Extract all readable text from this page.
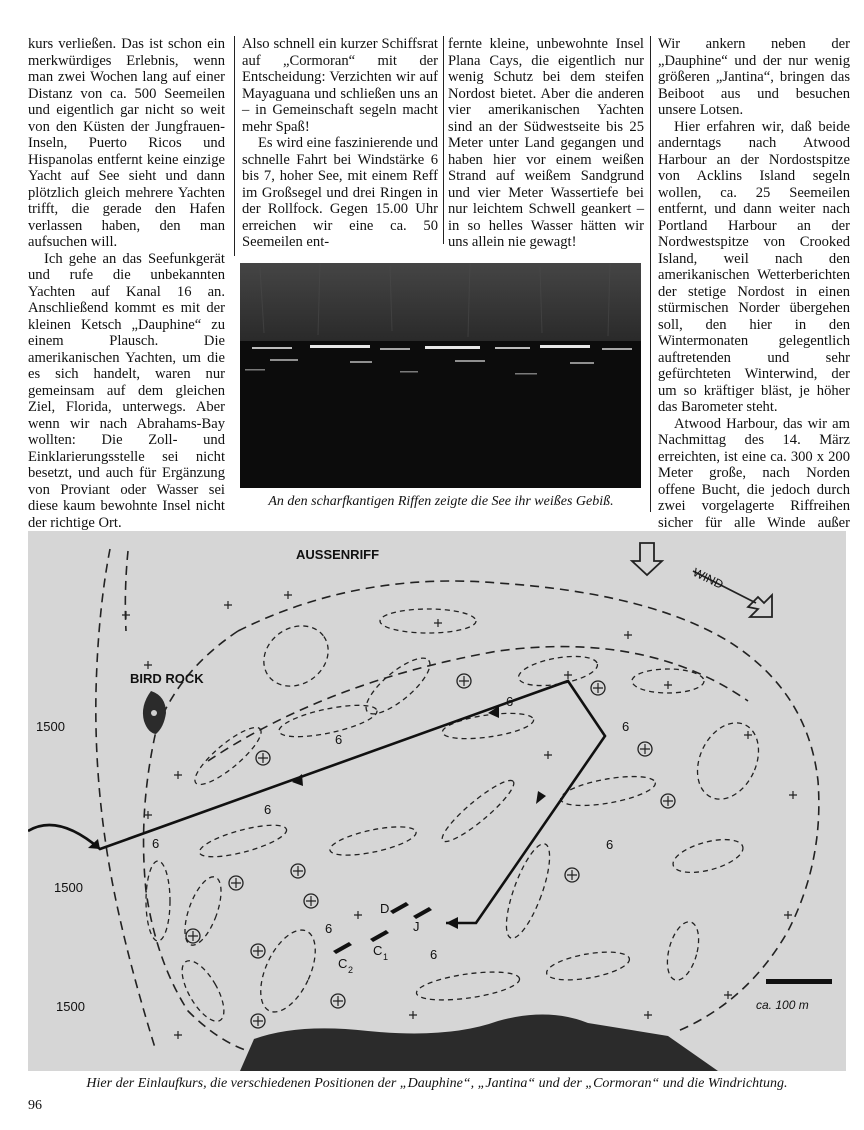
kurs verließen. Das ist schon ein merkwürdiges Erlebnis, wenn man zwei Wochen lang auf einer Distanz von ca. 500 Seemeilen und eigentlich gar nicht so weit von den Küsten der Jungfrauen-Inseln, Puerto Ricos und Hispanolas entfernt keine einzige Yacht auf See sieht und dann plötzlich gleich mehrere Yachten trifft, die gerade den Hafen verlassen haben, den man aufsuchen will.

Ich gehe an das Seefunkgerät und rufe die unbekannten Yachten auf Kanal 16 an. Anschließend kommt es mit der kleinen Ketsch „Dauphine“ zu einem Plausch. Die amerikanischen Yachten, um die es sich handelt, waren nur gemeinsam auf dem gleichen Ziel, Florida, unterwegs. Aber wenn wir nach Abrahams-Bay wollten: Die Zoll- und Einklarierungsstelle sei nicht besetzt, und auch für Ergänzung von Proviant oder Wasser sei diese kaum bewohnte Insel nicht der richtige Ort.

Also schnell ein kurzer Schiffsrat auf „Cormoran“ mit der Entscheidung: Verzichten wir auf Mayaguana und schließen uns an – in Gemeinschaft segeln macht mehr Spaß!

Es wird eine faszinierende und schnelle Fahrt bei Windstärke 6 bis 7, hoher See, mit einem Reff im Großsegel und drei Ringen in der Rollfock. Gegen 15.00 Uhr erreichen wir eine ca. 50 Seemeilen ent-

fernte kleine, unbewohnte Insel Plana Cays, die eigentlich nur wenig Schutz bei dem steifen Nordost bietet. Aber die anderen vier amerikanischen Yachten sind an der Südwestseite bis 25 Meter unter Land gegangen und haben hier vor einem weißen Strand auf weißem Sandgrund und vier Meter Wassertiefe bei nur leichtem Schwell geankert – in so helles Wasser hätten wir uns allein nie gewagt!

Wir ankern neben der „Dauphine“ und der nur wenig größeren „Jantina“, bringen das Beiboot aus und besuchen unsere Lotsen.

Hier erfahren wir, daß beide anderntags nach Atwood Harbour an der Nordostspitze von Acklins Island segeln wollen, ca. 25 Seemeilen entfernt, und dann weiter nach Portland Harbour an der Nordwestspitze von Crooked Island, weil nach den amerikanischen Wetterberichten der stetige Nordost in einen stürmischen Norder übergehen soll, den hier in den Wintermonaten gelegentlich auftretenden und sehr gefürchteten Winterwind, der um so kräftiger bläst, je höher das Barometer steht.

Atwood Harbour, das wir am Nachmittag des 14. März erreichten, ist eine ca. 300 x 200 Meter große, nach Norden offene Bucht, die jedoch durch zwei vorgelagerte Riffreihen sicher für alle Winde außer

An den scharfkantigen Riffen zeigte die See ihr weißes Gebiß.
AUSSENRIFF
WIND
BIRD ROCK
1500
1500
1500
6
6
6
6
6	6
6
6
D
J
C 1
C 2
ca. 100 m
Hier der Einlaufkurs, die verschiedenen Positionen der „Dauphine“, „Jantina“ und der „Cormoran“ und die Windrichtung.
96
